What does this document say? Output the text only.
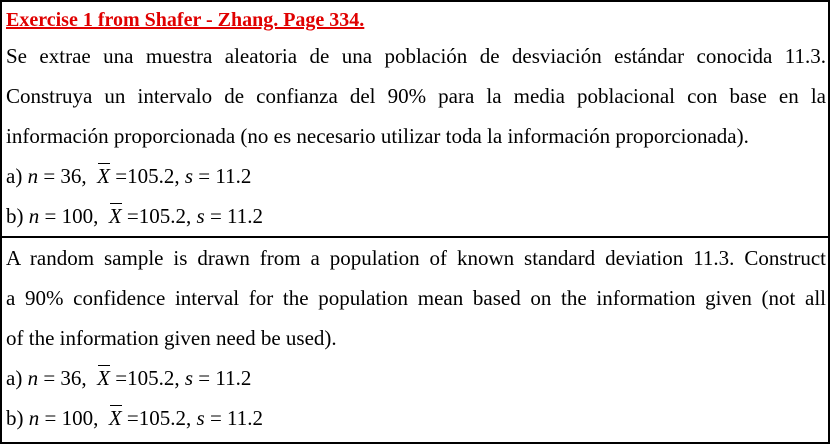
Exercise 1 from Shafer - Zhang. Page 334.
Se extrae una muestra aleatoria de una población de desviación estándar conocida 11.3.
Construya un intervalo de confianza del 90% para la media poblacional con base en la
información proporcionada (no es necesario utilizar toda la información proporcionada).
a) n = 36, X =105.2, s = 11.2
b) n = 100, X =105.2, s = 11.2
A random sample is drawn from a population of known standard deviation 11.3. Construct
a 90% confidence interval for the population mean based on the information given (not all
of the information given need be used).
a) n = 36, X =105.2, s = 11.2
b) n = 100, X =105.2, s = 11.2
